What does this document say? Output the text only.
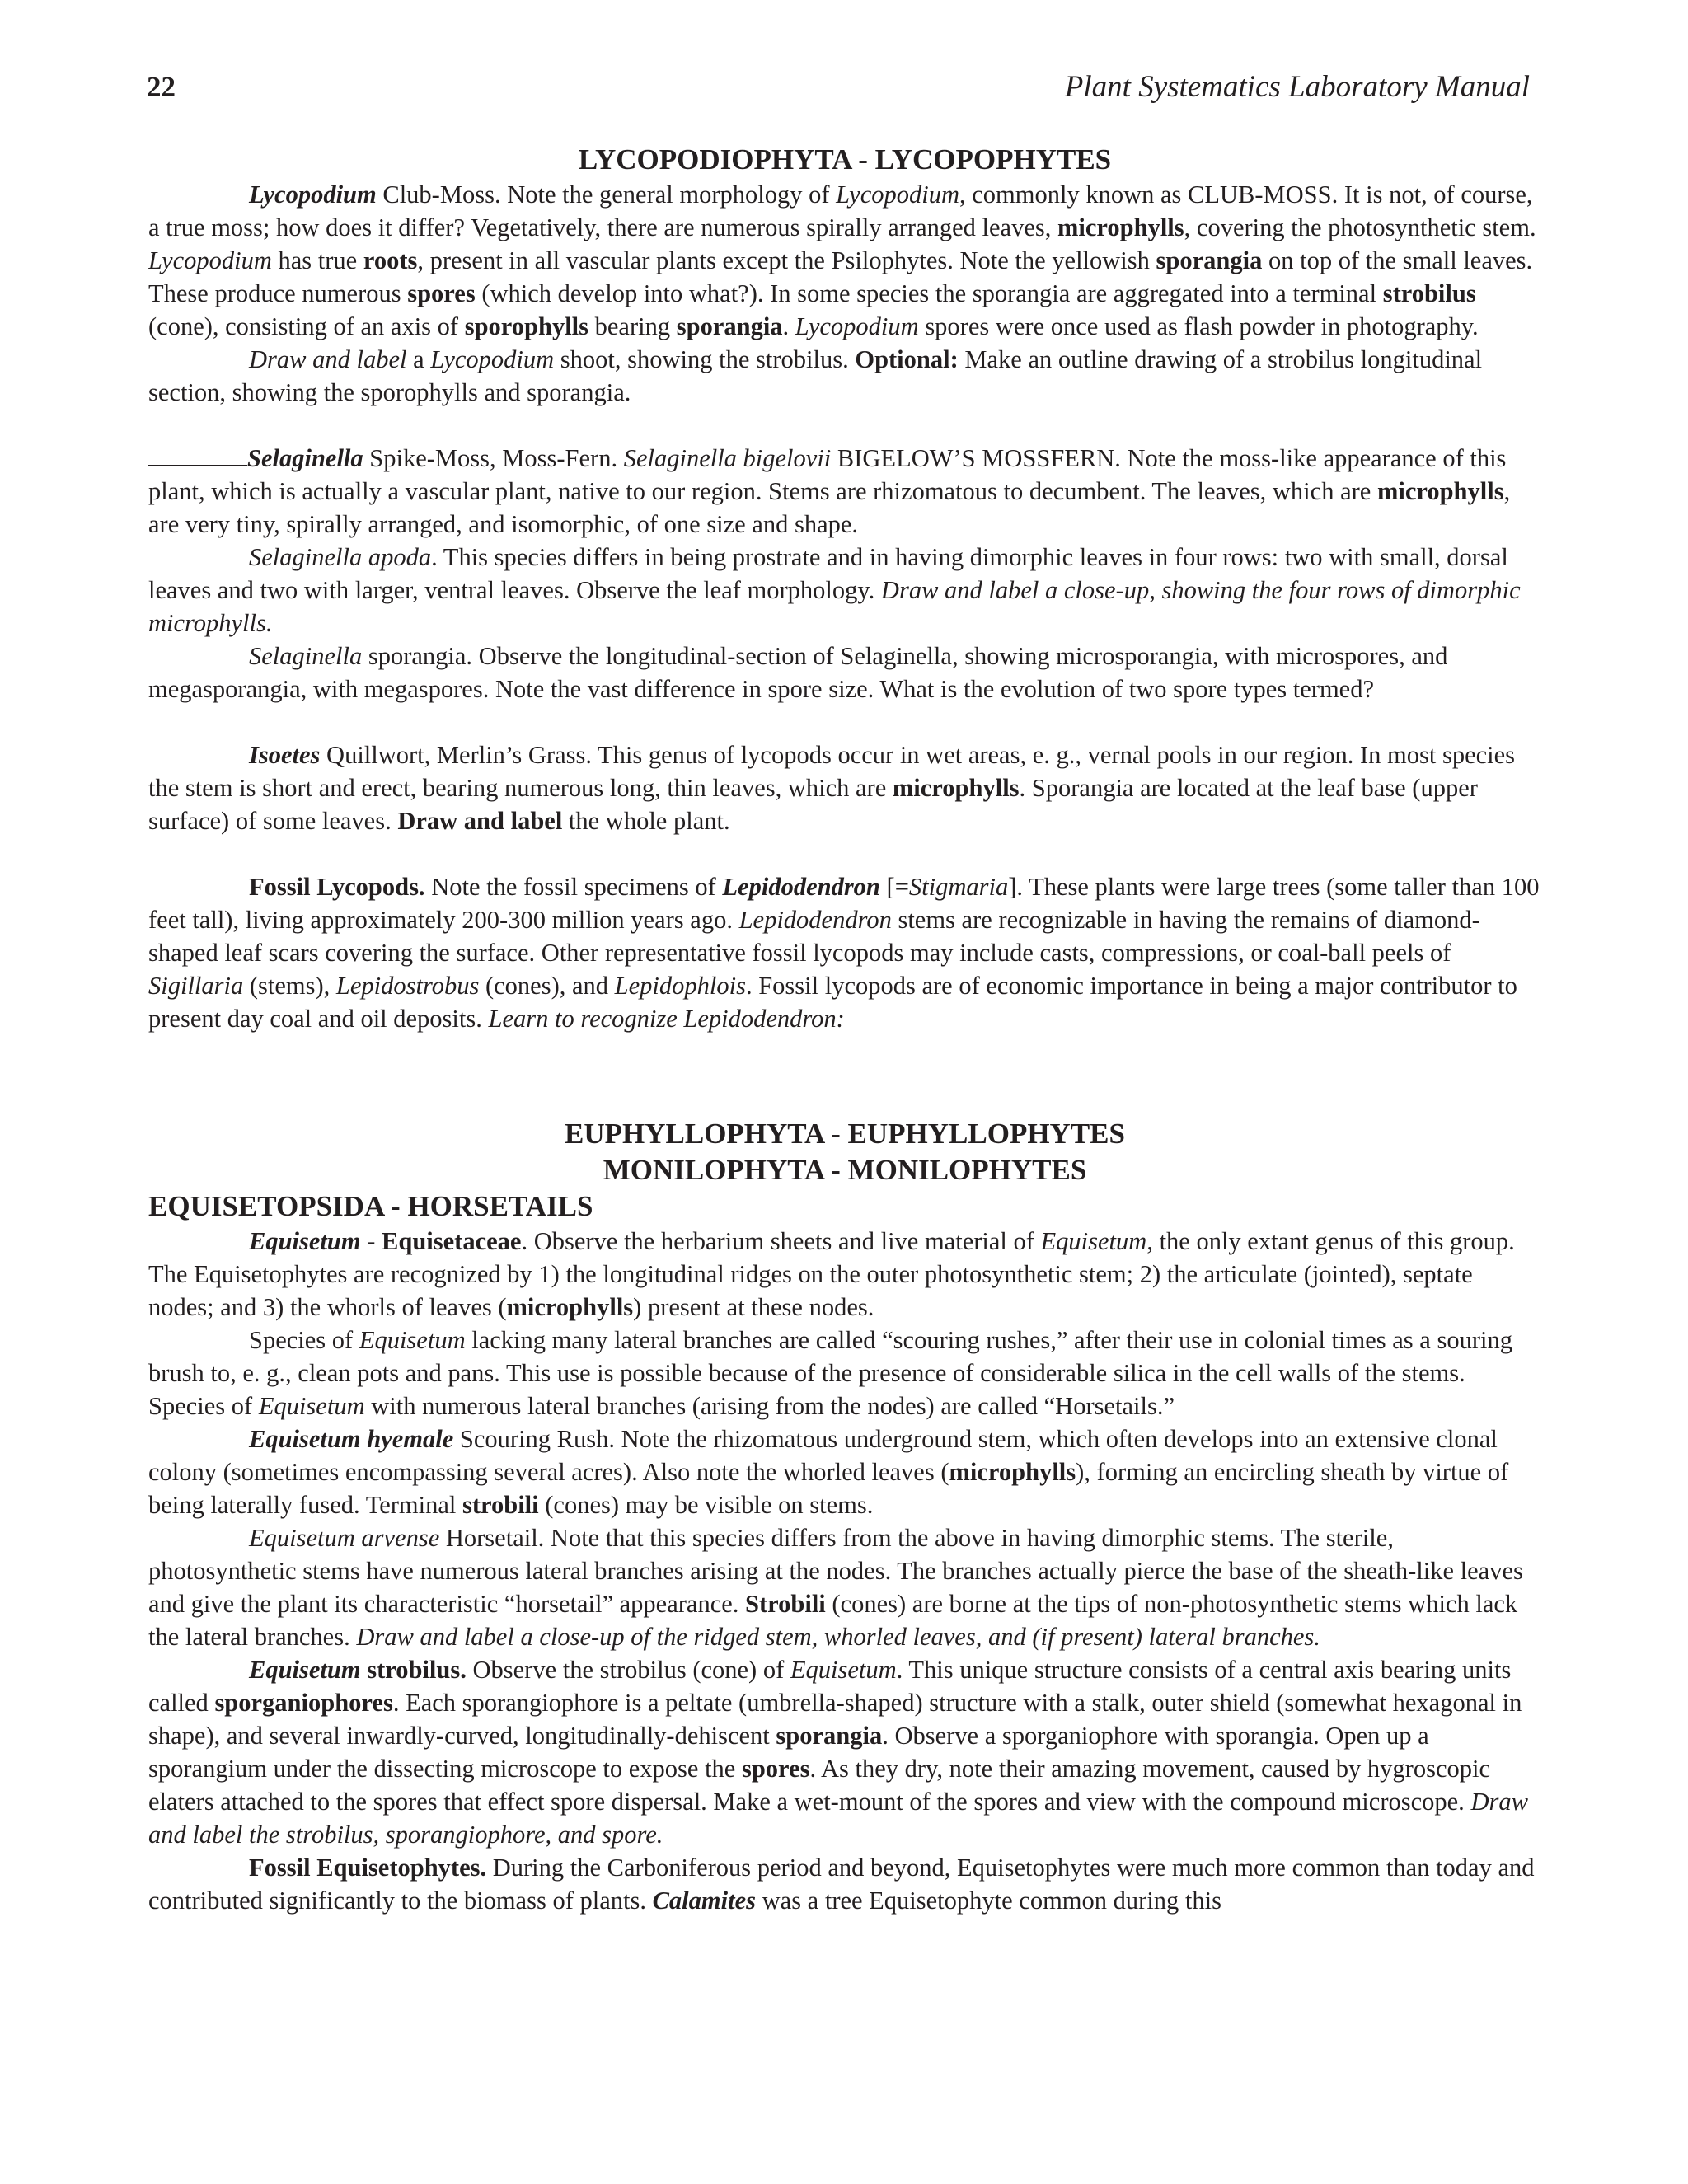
22	Plant Systematics Laboratory Manual
LYCOPODIOPHYTA - LYCOPOPHYTES

Lycopodium Club-Moss. Note the general morphology of Lycopodium, commonly known as CLUB-MOSS. It is not, of course, a true moss; how does it differ? Vegetatively, there are numerous spirally arranged leaves, microphylls, covering the photosynthetic stem. Lycopodium has true roots, present in all vascular plants except the Psilophytes. Note the yellowish sporangia on top of the small leaves. These produce numerous spores (which develop into what?). In some species the sporangia are aggregated into a terminal strobilus (cone), consisting of an axis of sporophylls bearing sporangia. Lycopodium spores were once used as flash powder in photography.

Draw and label a Lycopodium shoot, showing the strobilus. Optional: Make an outline drawing of a strobilus longitudinal section, showing the sporophylls and sporangia.

Selaginella Spike-Moss, Moss-Fern. Selaginella bigelovii BIGELOW’S MOSSFERN. Note the moss-like appearance of this plant, which is actually a vascular plant, native to our region. Stems are rhizomatous to decumbent. The leaves, which are microphylls, are very tiny, spirally arranged, and isomorphic, of one size and shape.

Selaginella apoda. This species differs in being prostrate and in having dimorphic leaves in four rows: two with small, dorsal leaves and two with larger, ventral leaves. Observe the leaf morphology. Draw and label a close-up, showing the four rows of dimorphic microphylls.

Selaginella sporangia. Observe the longitudinal-section of Selaginella, showing microsporangia, with microspores, and megasporangia, with megaspores. Note the vast difference in spore size. What is the evolution of two spore types termed?

Isoetes Quillwort, Merlin’s Grass. This genus of lycopods occur in wet areas, e. g., vernal pools in our region. In most species the stem is short and erect, bearing numerous long, thin leaves, which are microphylls. Sporangia are located at the leaf base (upper surface) of some leaves. Draw and label the whole plant.

Fossil Lycopods. Note the fossil specimens of Lepidodendron [=Stigmaria]. These plants were large trees (some taller than 100 feet tall), living approximately 200-300 million years ago. Lepidodendron stems are recognizable in having the remains of diamond-shaped leaf scars covering the surface. Other representative fossil lycopods may include casts, compressions, or coal-ball peels of Sigillaria (stems), Lepidostrobus (cones), and Lepidophlois. Fossil lycopods are of economic importance in being a major contributor to present day coal and oil deposits. Learn to recognize Lepidodendron:

EUPHYLLOPHYTA - EUPHYLLOPHYTES
MONILOPHYTA - MONILOPHYTES
EQUISETOPSIDA - HORSETAILS

Equisetum - Equisetaceae. Observe the herbarium sheets and live material of Equisetum, the only extant genus of this group. The Equisetophytes are recognized by 1) the longitudinal ridges on the outer photosynthetic stem; 2) the articulate (jointed), septate nodes; and 3) the whorls of leaves (microphylls) present at these nodes.

Species of Equisetum lacking many lateral branches are called “scouring rushes,” after their use in colonial times as a souring brush to, e. g., clean pots and pans. This use is possible because of the presence of considerable silica in the cell walls of the stems. Species of Equisetum with numerous lateral branches (arising from the nodes) are called “Horsetails.”

Equisetum hyemale Scouring Rush. Note the rhizomatous underground stem, which often develops into an extensive clonal colony (sometimes encompassing several acres). Also note the whorled leaves (microphylls), forming an encircling sheath by virtue of being laterally fused. Terminal strobili (cones) may be visible on stems.

Equisetum arvense Horsetail. Note that this species differs from the above in having dimorphic stems. The sterile, photosynthetic stems have numerous lateral branches arising at the nodes. The branches actually pierce the base of the sheath-like leaves and give the plant its characteristic “horsetail” appearance. Strobili (cones) are borne at the tips of non-photosynthetic stems which lack the lateral branches. Draw and label a close-up of the ridged stem, whorled leaves, and (if present) lateral branches.

Equisetum strobilus. Observe the strobilus (cone) of Equisetum. This unique structure consists of a central axis bearing units called sporganiophores. Each sporangiophore is a peltate (umbrella-shaped) structure with a stalk, outer shield (somewhat hexagonal in shape), and several inwardly-curved, longitudinally-dehiscent sporangia. Observe a sporganiophore with sporangia. Open up a sporangium under the dissecting microscope to expose the spores. As they dry, note their amazing movement, caused by hygroscopic elaters attached to the spores that effect spore dispersal. Make a wet-mount of the spores and view with the compound microscope. Draw and label the strobilus, sporangiophore, and spore.

Fossil Equisetophytes. During the Carboniferous period and beyond, Equisetophytes were much more common than today and contributed significantly to the biomass of plants. Calamites was a tree Equisetophyte common during this
